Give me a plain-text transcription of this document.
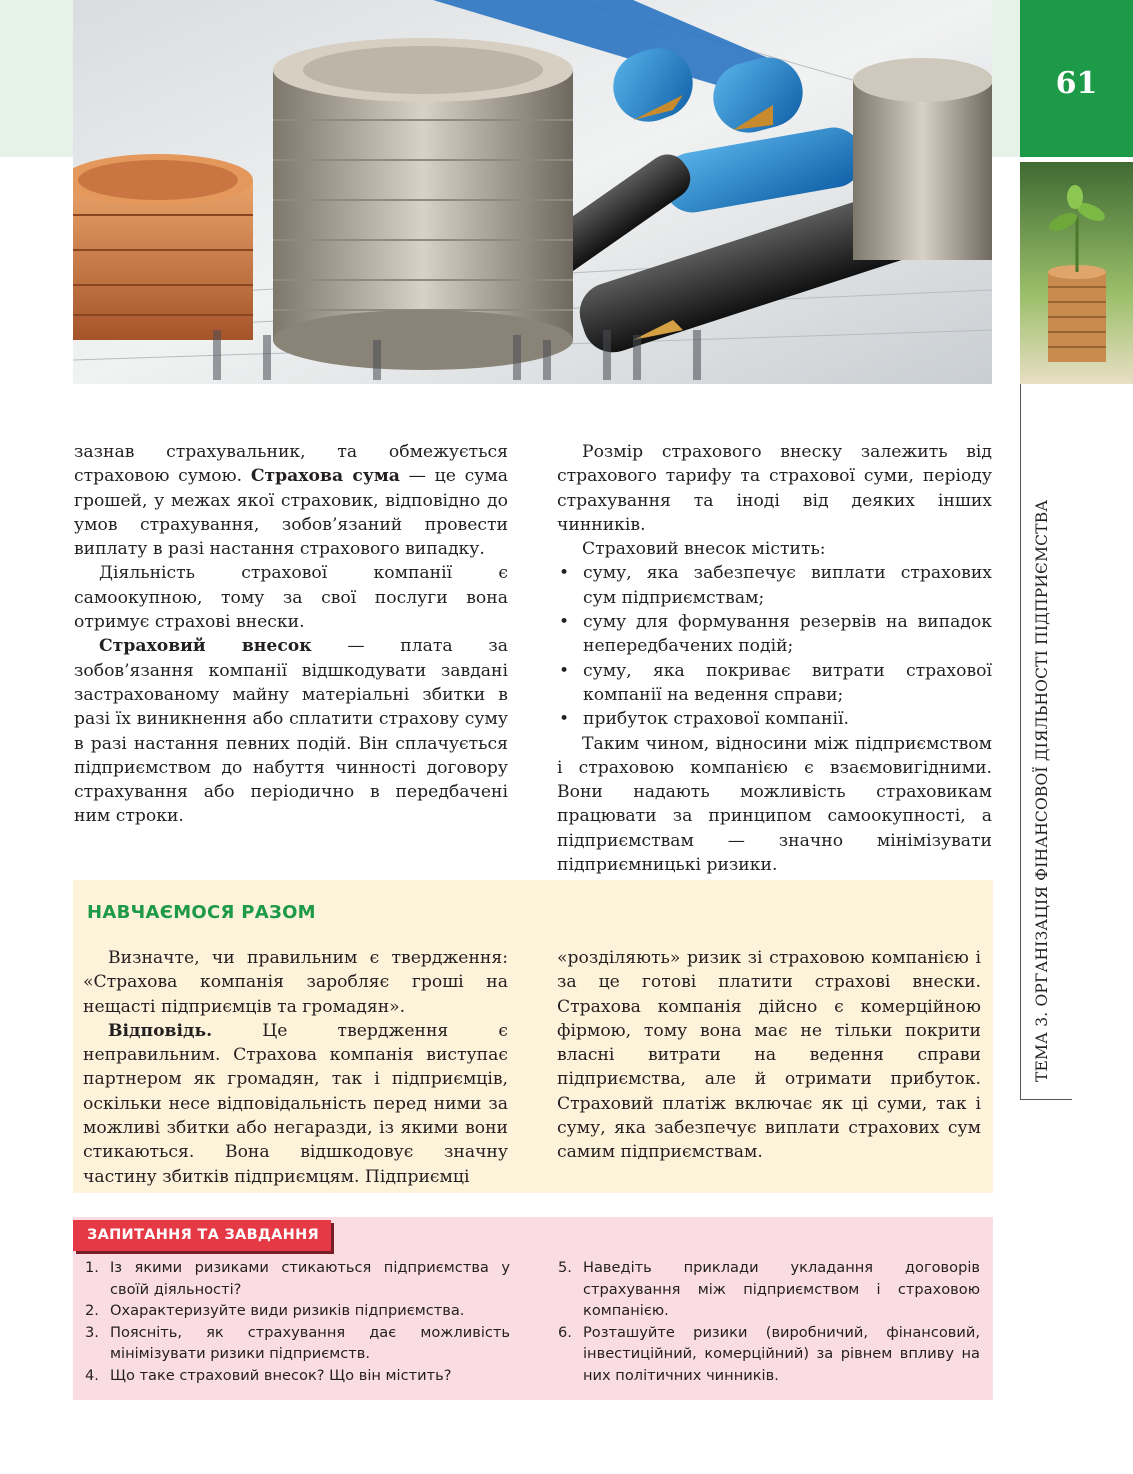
61
ТЕМА 3. ОРГАНІЗАЦІЯ ФІНАНСОВОЇ ДІЯЛЬНОСТІ ПІДПРИЄМСТВА

зазнав страхувальник, та обмежується страховою сумою. Страхова сума — це сума грошей, у межах якої страховик, відповідно до умов страхування, зобов’язаний провести виплату в разі настання страхового випадку.

Діяльність страхової компанії є самоокупною, тому за свої послуги вона отримує страхові внески.

Страховий внесок — плата за зобов’язання компанії відшкодувати завдані застрахованому майну матеріальні збитки в разі їх виникнення або сплатити страхову суму в разі настання певних подій. Він сплачується підприємством до набуття чинності договору страхування або періодично в передбачені ним строки.

Розмір страхового внеску залежить від страхового тарифу та страхової суми, періоду страхування та іноді від деяких інших чинників.

Страховий внесок містить:

• суму, яка забезпечує виплати страхових сум підприємствам;
• суму для формування резервів на випадок непередбачених подій;
• суму, яка покриває витрати страхової компанії на ведення справи;
• прибуток страхової компанії.

Таким чином, відносини між підприємством і страховою компанією є взаємовигідними. Вони надають можливість страховикам працювати за принципом самоокупності, а підприємствам — значно мінімізувати підприємницькі ризики.

НАВЧАЄМОСЯ РАЗОМ

Визначте, чи правильним є твердження: «Страхова компанія заробляє гроші на нещасті підприємців та громадян».

Відповідь. Це твердження є неправильним. Страхова компанія виступає партнером як громадян, так і підприємців, оскільки несе відповідальність перед ними за можливі збитки або негаразди, із якими вони стикаються. Вона відшкодовує значну частину збитків підприємцям. Підприємці

«розділяють» ризик зі страховою компанією і за це готові платити страхові внески. Страхова компанія дійсно є комерційною фірмою, тому вона має не тільки покрити власні витрати на ведення справи підприємства, але й отримати прибуток. Страховий платіж включає як ці суми, так і суму, яка забезпечує виплати страхових сум самим підприємствам.

ЗАПИТАННЯ ТА ЗАВДАННЯ
1. Із якими ризиками стикаються підприємства у своїй діяльності?
2. Охарактеризуйте види ризиків підприємства.
3. Поясніть, як страхування дає можливість мінімізувати ризики підприємств.
4. Що таке страховий внесок? Що він містить?
5. Наведіть приклади укладання договорів страхування між підприємством і страховою компанією.
6. Розташуйте ризики (виробничий, фінансовий, інвестиційний, комерційний) за рівнем впливу на них політичних чинників.
